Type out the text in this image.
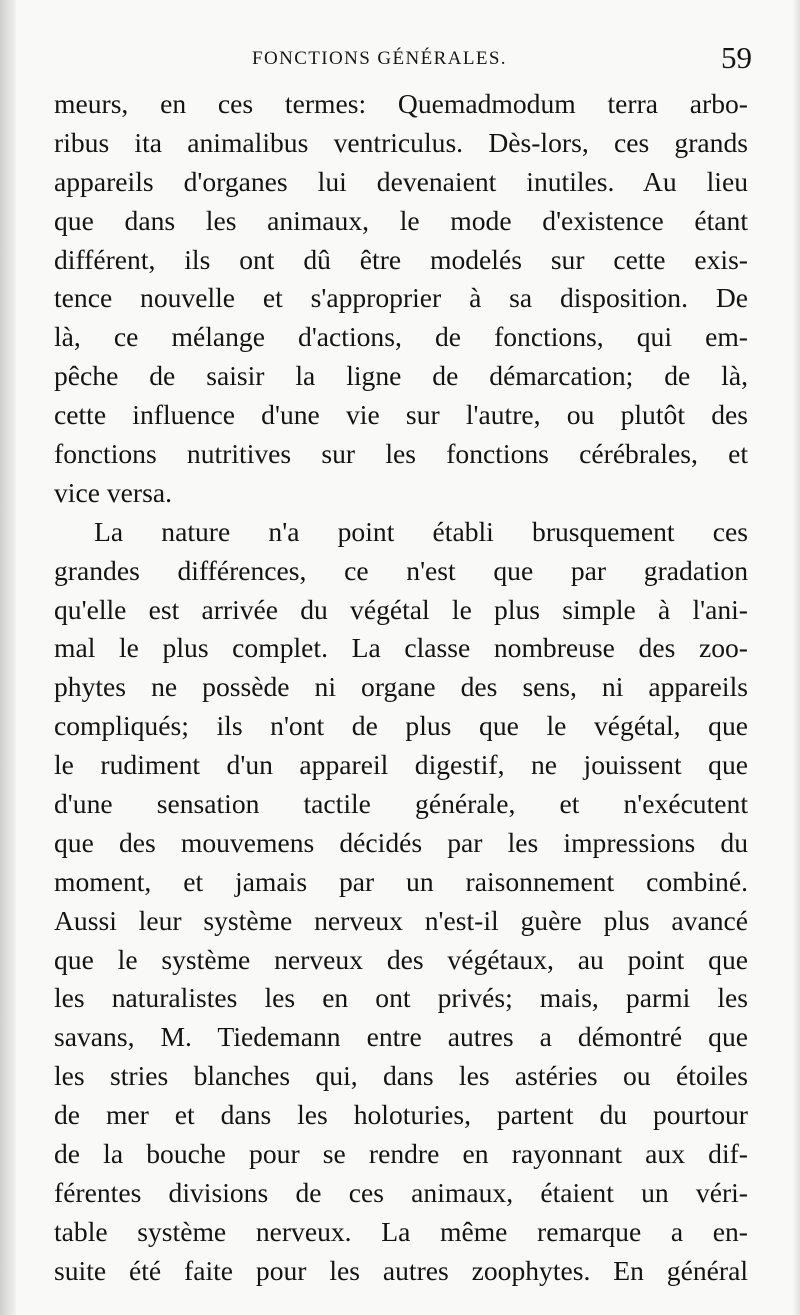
FONCTIONS GÉNÉRALES.	59
meurs, en ces termes: Quemadmodum terra arbo-
ribus ita animalibus ventriculus. Dès-lors, ces grands
appareils d'organes lui devenaient inutiles. Au lieu
que dans les animaux, le mode d'existence étant
différent, ils ont dû être modelés sur cette exis-
tence nouvelle et s'approprier à sa disposition. De
là, ce mélange d'actions, de fonctions, qui em-
pêche de saisir la ligne de démarcation; de là,
cette influence d'une vie sur l'autre, ou plutôt des
fonctions nutritives sur les fonctions cérébrales, et
vice versa.
La nature n'a point établi brusquement ces
grandes différences, ce n'est que par gradation
qu'elle est arrivée du végétal le plus simple à l'ani-
mal le plus complet. La classe nombreuse des zoo-
phytes ne possède ni organe des sens, ni appareils
compliqués; ils n'ont de plus que le végétal, que
le rudiment d'un appareil digestif, ne jouissent que
d'une sensation tactile générale, et n'exécutent
que des mouvemens décidés par les impressions du
moment, et jamais par un raisonnement combiné.
Aussi leur système nerveux n'est-il guère plus avancé
que le système nerveux des végétaux, au point que
les naturalistes les en ont privés; mais, parmi les
savans, M. Tiedemann entre autres a démontré que
les stries blanches qui, dans les astéries ou étoiles
de mer et dans les holoturies, partent du pourtour
de la bouche pour se rendre en rayonnant aux dif-
férentes divisions de ces animaux, étaient un véri-
table système nerveux. La même remarque a en-
suite été faite pour les autres zoophytes. En général
